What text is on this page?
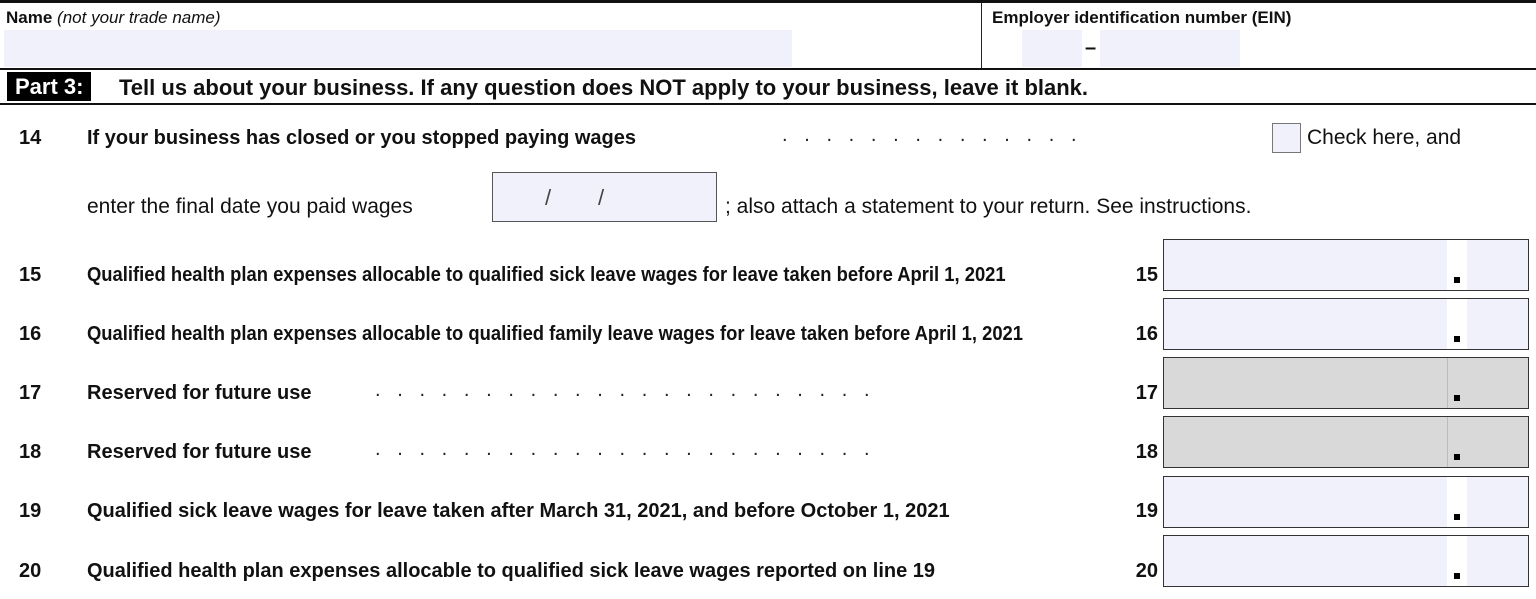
Name (not your trade name)	Employer identification number (EIN)
–
Part 3:	Tell us about your business. If any question does NOT apply to your business, leave it blank.
14 If your business has closed or you stopped paying wages	.   .   .   .   .   .   .   .   .   .   .   .   .   .	Check here, and
enter the final date you paid wages	/ /	; also attach a statement to your return. See instructions.
15 Qualified health plan expenses allocable to qualified sick leave wages for leave taken before April 1, 2021	15
16 Qualified health plan expenses allocable to qualified family leave wages for leave taken before April 1, 2021	16
17 Reserved for future use	.   .   .   .   .   .   .   .   .   .   .   .   .   .   .   .   .   .   .   .   .   .   .	17
18 Reserved for future use	.   .   .   .   .   .   .   .   .   .   .   .   .   .   .   .   .   .   .   .   .   .   .	18
19 Qualified sick leave wages for leave taken after March 31, 2021, and before October 1, 2021	19
20 Qualified health plan expenses allocable to qualified sick leave wages reported on line 19	20
